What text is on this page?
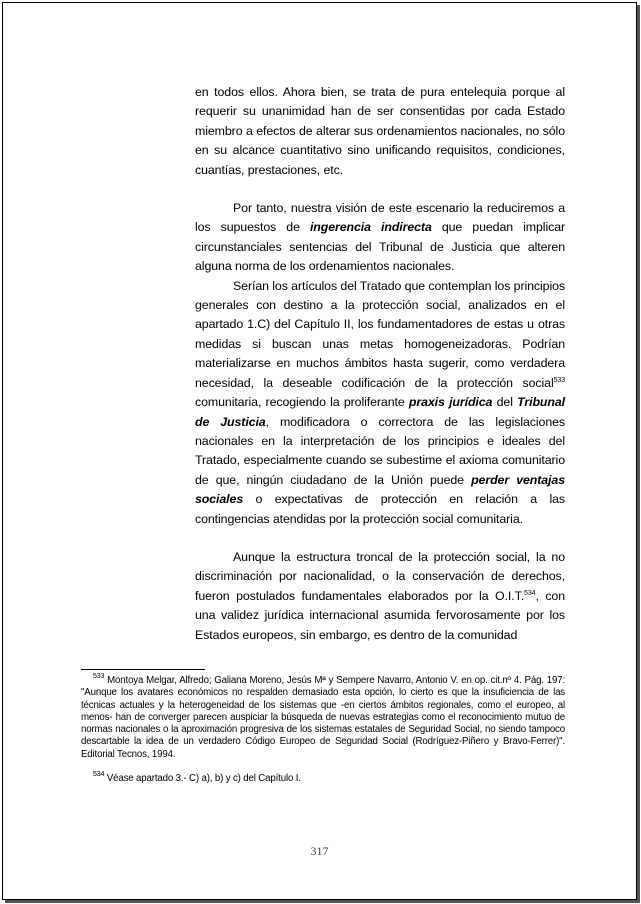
en todos ellos. Ahora bien, se trata de pura entelequia porque al requerir su unanimidad han de ser consentidas por cada Estado miembro a efectos de alterar sus ordenamientos nacionales, no sólo en su alcance cuantitativo sino unificando requisitos, condiciones, cuantías, prestaciones, etc.

Por tanto, nuestra visión de este escenario la reduciremos a los supuestos de ingerencia indirecta que puedan implicar circunstanciales sentencias del Tribunal de Justicia que alteren alguna norma de los ordenamientos nacionales.

Serían los artículos del Tratado que contemplan los principios generales con destino a la protección social, analizados en el apartado 1.C) del Capítulo II, los fundamentadores de estas u otras medidas si buscan unas metas homogeneizadoras. Podrían materializarse en muchos ámbitos hasta sugerir, como verdadera necesidad, la deseable codificación de la protección social$^{533}$ comunitaria, recogiendo la proliferante praxis jurídica del Tribunal de Justicia, modificadora o correctora de las legislaciones nacionales en la interpretación de los principios e ideales del Tratado, especialmente cuando se subestime el axioma comunitario de que, ningún ciudadano de la Unión puede perder ventajas sociales o expectativas de protección en relación a las contingencias atendidas por la protección social comunitaria.

Aunque la estructura troncal de la protección social, la no discriminación por nacionalidad, o la conservación de derechos, fueron postulados fundamentales elaborados por la O.I.T.$^{534}$, con una validez jurídica internacional asumida fervorosamente por los Estados europeos, sin embargo, es dentro de la comunidad

$^{533}$ Montoya Melgar, Alfredo; Galiana Moreno, Jesús Mª y Sempere Navarro, Antonio V. en op. cit.nº 4. Pág. 197: "Aunque los avatares económicos no respalden demasiado esta opción, lo cierto es que la insuficiencia de las técnicas actuales y la heterogeneidad de los sistemas que -en ciertos ámbitos regionales, como el europeo, al menos- han de converger parecen auspiciar la búsqueda de nuevas estrategias como el reconocimiento mutuo de normas nacionales o la aproximación progresiva de los sistemas estatales de Seguridad Social, no siendo tampoco descartable la idea de un verdadero Código Europeo de Seguridad Social (Rodríguez-Piñero y Bravo-Ferrer)". Editorial Tecnos, 1994.

$^{534}$ Véase apartado 3.- C) a), b) y c) del Capítulo I.

317
